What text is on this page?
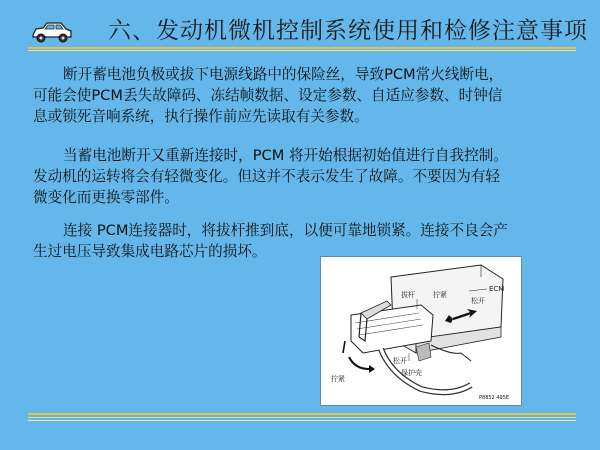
六、发动机微机控制系统使用和检修注意事项
断开蓄电池负极或拔下电源线路中的保险丝，导致PCM常火线断电，
可能会使PCM丢失故障码、冻结帧数据、设定参数、自适应参数、时钟信
息或锁死音响系统，执行操作前应先读取有关参数。
当蓄电池断开又重新连接时，PCM 将开始根据初始值进行自我控制。
发动机的运转将会有轻微变化。但这并不表示发生了故障。不要因为有轻
微变化而更换零部件。
连接 PCM连接器时，将拔杆推到底，以便可靠地锁紧。连接不良会产
生过电压导致集成电路芯片的损坏。
ECM
拔杆	拧紧
松开
松开
拧紧
保护壳
P8852 495E
